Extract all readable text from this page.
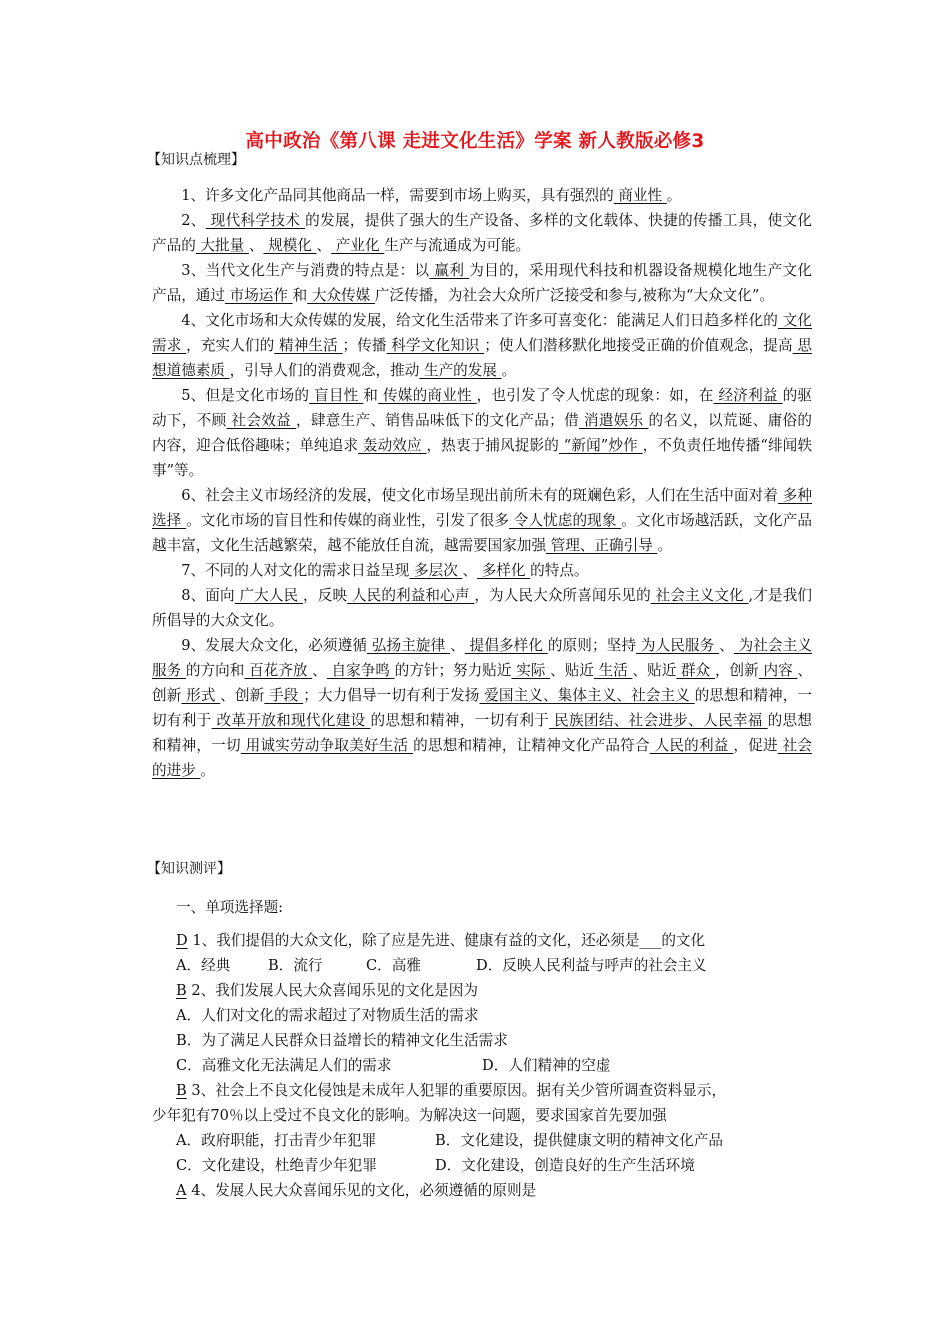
高中政治《第八课 走进文化生活》学案 新人教版必修3
【知识点梳理】

1、许多文化产品同其他商品一样，需要到市场上购买，具有强烈的 商业性 。

2、 现代科学技术 的发展，提供了强大的生产设备、多样的文化载体、快捷的传播工具，使文化产品的 大批量 、 规模化 、 产业化 生产与流通成为可能。

3、当代文化生产与消费的特点是：以 赢利 为目的，采用现代科技和机器设备规模化地生产文化产品，通过 市场运作 和 大众传媒 广泛传播，为社会大众所广泛接受和参与,被称为“大众文化”。

4、文化市场和大众传媒的发展，给文化生活带来了许多可喜变化：能满足人们日趋多样化的 文化需求 ，充实人们的 精神生活 ；传播 科学文化知识 ；使人们潜移默化地接受正确的价值观念，提高 思想道德素质 ，引导人们的消费观念，推动 生产的发展 。

5、但是文化市场的 盲目性 和 传媒的商业性 ，也引发了令人忧虑的现象：如，在 经济利益 的驱动下，不顾 社会效益 ，肆意生产、销售品味低下的文化产品；借 消遣娱乐 的名义，以荒诞、庸俗的内容，迎合低俗趣味；单纯追求 轰动效应 ，热衷于捕风捉影的 “新闻”炒作 ，不负责任地传播“绯闻轶事”等。

6、社会主义市场经济的发展，使文化市场呈现出前所未有的斑斓色彩，人们在生活中面对着 多种选择 。文化市场的盲目性和传媒的商业性，引发了很多 令人忧虑的现象 。文化市场越活跃，文化产品越丰富，文化生活越繁荣，越不能放任自流，越需要国家加强 管理、正确引导 。

7、不同的人对文化的需求日益呈现 多层次 、 多样化 的特点。

8、面向 广大人民 ，反映 人民的利益和心声 ，为人民大众所喜闻乐见的 社会主义文化 ,才是我们所倡导的大众文化。

9、发展大众文化，必须遵循 弘扬主旋律 、 提倡多样化 的原则；坚持 为人民服务 、 为社会主义服务 的方向和 百花齐放 、 自家争鸣 的方针；努力贴近 实际 、贴近 生活 、贴近 群众 ，创新 内容 、创新 形式 、创新 手段 ；大力倡导一切有利于发扬 爱国主义、集体主义、社会主义 的思想和精神，一切有利于 改革开放和现代化建设 的思想和精神，一切有利于 民族团结、社会进步、人民幸福 的思想和精神，一切 用诚实劳动争取美好生活 的思想和精神，让精神文化产品符合 人民的利益 ，促进 社会的进步 。

【知识测评】
一、单项选择题:
D 1、我们提倡的大众文化，除了应是先进、健康有益的文化，还必须是___的文化
A．经典	B．流行	C．高雅	D．反映人民利益与呼声的社会主义
B 2、我们发展人民大众喜闻乐见的文化是因为
A．人们对文化的需求超过了对物质生活的需求
B．为了满足人民群众日益增长的精神文化生活需求
C．高雅文化无法满足人们的需求	D．人们精神的空虚
B 3、社会上不良文化侵蚀是未成年人犯罪的重要原因。据有关少管所调查资料显示，
少年犯有70％以上受过不良文化的影响。为解决这一问题，要求国家首先要加强
A．政府职能，打击青少年犯罪	B．文化建设，提供健康文明的精神文化产品
C．文化建设，杜绝青少年犯罪	D．文化建设，创造良好的生产生活环境
A 4、发展人民大众喜闻乐见的文化，必须遵循的原则是
